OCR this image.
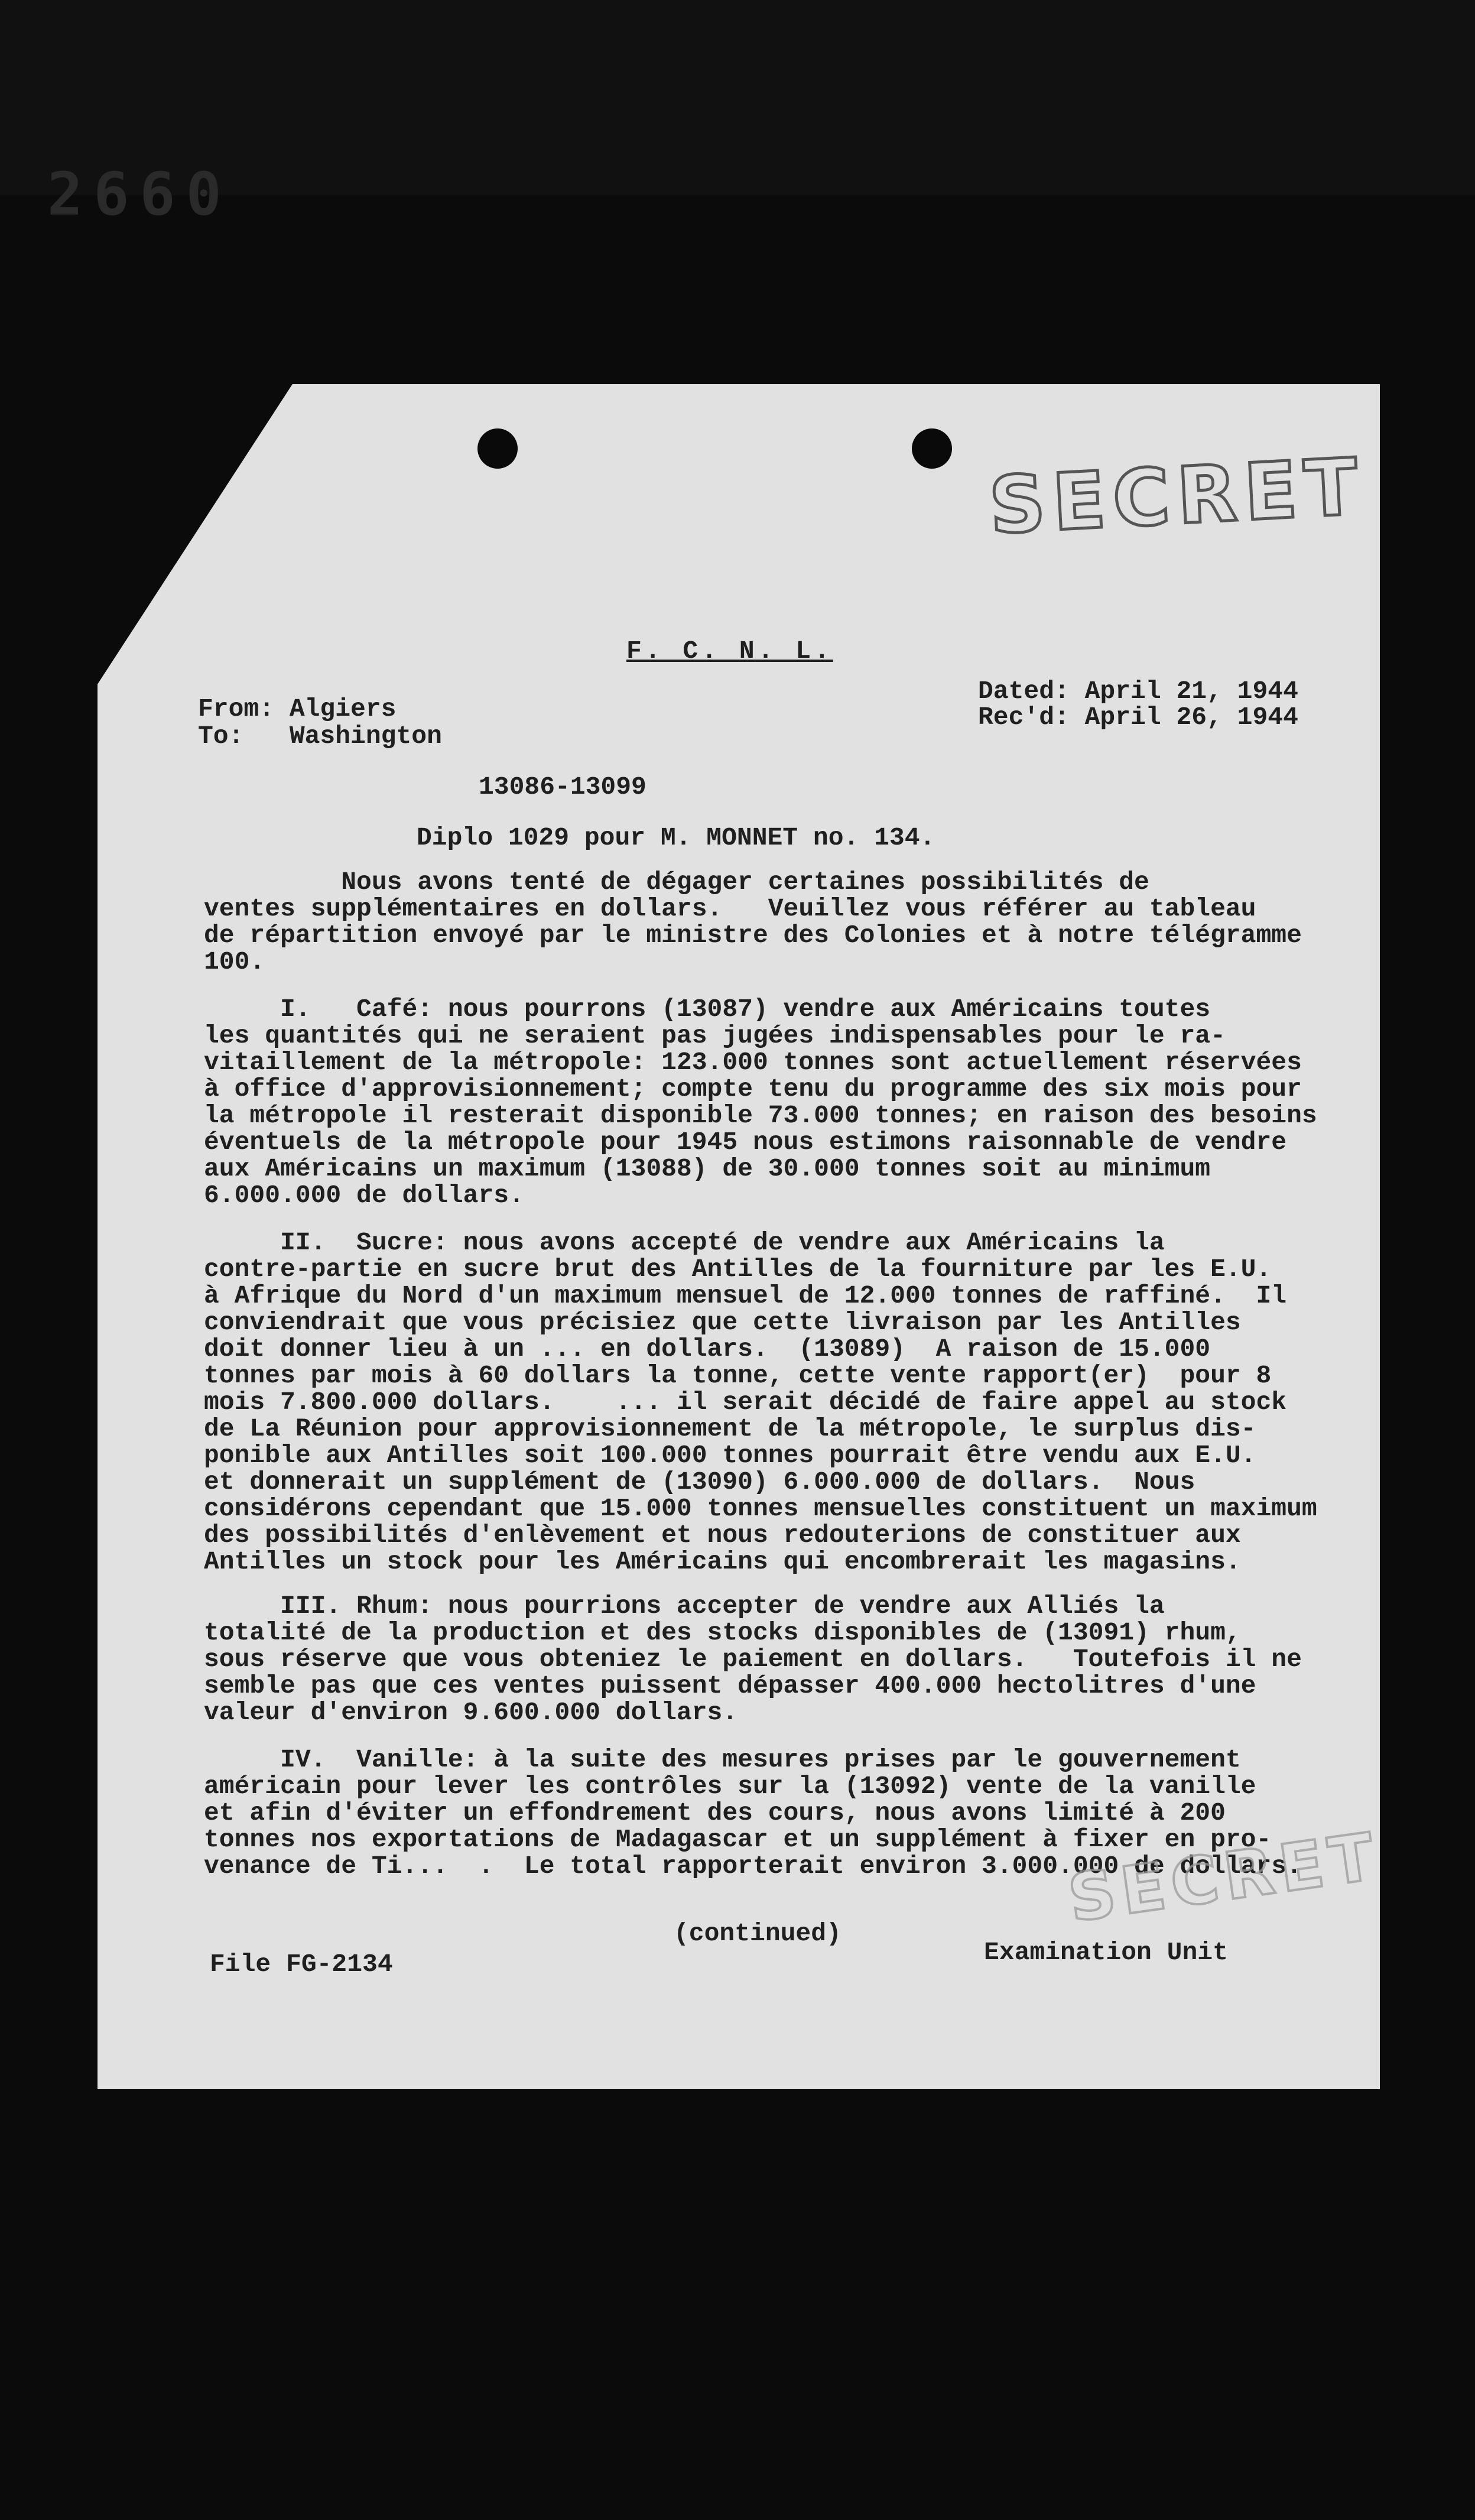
2660
SECRET
F. C. N. L.
From: Algiers
To:   Washington
Dated: April 21, 1944
Rec'd: April 26, 1944
13086-13099
Diplo 1029 pour M. MONNET no. 134.
Nous avons tenté de dégager certaines possibilités de
ventes supplémentaires en dollars.   Veuillez vous référer au tableau
de répartition envoyé par le ministre des Colonies et à notre télégramme
100.
I.   Café: nous pourrons (13087) vendre aux Américains toutes
les quantités qui ne seraient pas jugées indispensables pour le ra-
vitaillement de la métropole: 123.000 tonnes sont actuellement réservées
à office d'approvisionnement; compte tenu du programme des six mois pour
la métropole il resterait disponible 73.000 tonnes; en raison des besoins
éventuels de la métropole pour 1945 nous estimons raisonnable de vendre
aux Américains un maximum (13088) de 30.000 tonnes soit au minimum
6.000.000 de dollars.
II.  Sucre: nous avons accepté de vendre aux Américains la
contre-partie en sucre brut des Antilles de la fourniture par les E.U.
à Afrique du Nord d'un maximum mensuel de 12.000 tonnes de raffiné.  Il
conviendrait que vous précisiez que cette livraison par les Antilles
doit donner lieu à un ... en dollars.  (13089)  A raison de 15.000
tonnes par mois à 60 dollars la tonne, cette vente rapport(er)  pour 8
mois 7.800.000 dollars.    ... il serait décidé de faire appel au stock
de La Réunion pour approvisionnement de la métropole, le surplus dis-
ponible aux Antilles soit 100.000 tonnes pourrait être vendu aux E.U.
et donnerait un supplément de (13090) 6.000.000 de dollars.  Nous
considérons cependant que 15.000 tonnes mensuelles constituent un maximum
des possibilités d'enlèvement et nous redouterions de constituer aux
Antilles un stock pour les Américains qui encombrerait les magasins.
III. Rhum: nous pourrions accepter de vendre aux Alliés la
totalité de la production et des stocks disponibles de (13091) rhum,
sous réserve que vous obteniez le paiement en dollars.   Toutefois il ne
semble pas que ces ventes puissent dépasser 400.000 hectolitres d'une
valeur d'environ 9.600.000 dollars.
IV.  Vanille: à la suite des mesures prises par le gouvernement
américain pour lever les contrôles sur la (13092) vente de la vanille
et afin d'éviter un effondrement des cours, nous avons limité à 200
tonnes nos exportations de Madagascar et un supplément à fixer en pro-
venance de Ti...  .  Le total rapporterait environ 3.000.000 de dollars.
SECRET
(continued)
File FG-2134	Examination Unit
